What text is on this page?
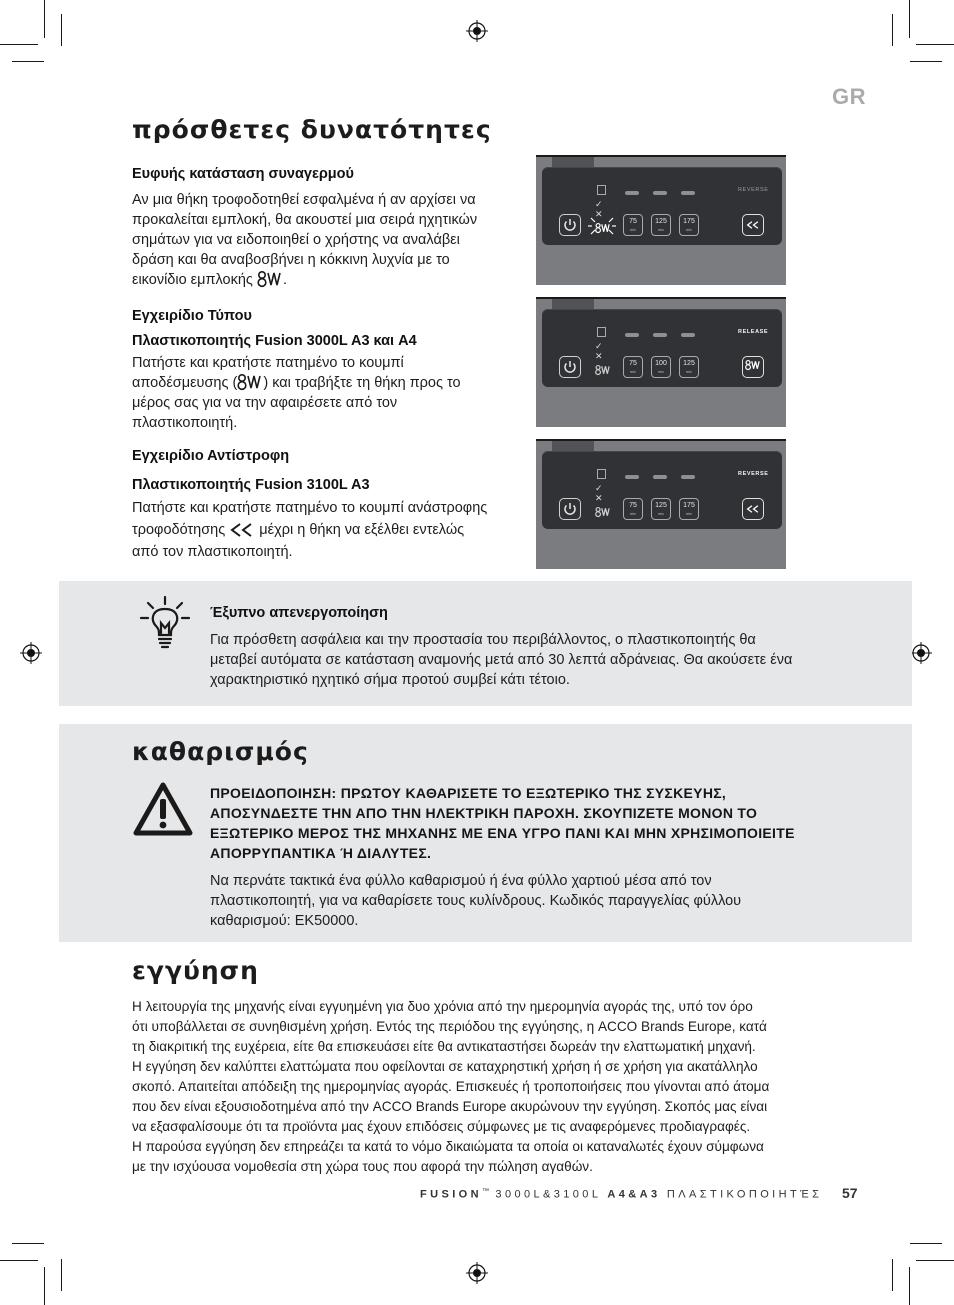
GR
πρόσθετες δυνατότητες
Ευφυής κατάσταση συναγερμού
Αν μια θήκη τροφοδοτηθεί εσφαλμένα ή αν αρχίσει να προκαλείται εμπλοκή, θα ακουστεί μια σειρά ηχητικών σημάτων για να ειδοποιηθεί ο χρήστης να αναλάβει δράση και θα αναβοσβήνει η κόκκινη λυχνία με το εικονίδιο εμπλοκής .
Εγχειρίδιο Τύπου
Πλαστικοποιητής Fusion 3000L A3 και A4
Πατήστε και κρατήστε πατημένο το κουμπί αποδέσμευσης ( ) και τραβήξτε τη θήκη προς το μέρος σας για να την αφαιρέσετε από τον πλαστικοποιητή.
Εγχειρίδιο Αντίστροφη
Πλαστικοποιητής Fusion 3100L A3
Πατήστε και κρατήστε πατημένο το κουμπί ανάστροφης τροφοδότησης μέχρι η θήκη να εξέλθει εντελώς από τον πλαστικοποιητή.
✓
✕
75
mic
125
mic
175
mic
REVERSE
✓
✕
75
mic
100
mic
125
mic
RELEASE
✓
✕
75
mic
125
mic
175
mic
REVERSE
Έξυπνο απενεργοποίηση
Για πρόσθετη ασφάλεια και την προστασία του περιβάλλοντος, ο πλαστικοποιητής θα μεταβεί αυτόματα σε κατάσταση αναμονής μετά από 30 λεπτά αδράνειας. Θα ακούσετε ένα χαρακτηριστικό ηχητικό σήμα προτού συμβεί κάτι τέτοιο.
καθαρισμός
ΠΡΟΕΙΔΟΠΟΙΗΣΗ: ΠΡΩΤΟΥ ΚΑΘΑΡΙΣΕΤΕ ΤΟ ΕΞΩΤΕΡΙΚΟ ΤΗΣ ΣΥΣΚΕΥΗΣ, ΑΠΟΣΥΝΔΕΣΤΕ ΤΗΝ ΑΠΟ ΤΗΝ ΗΛΕΚΤΡΙΚΗ ΠΑΡΟΧΗ. ΣΚΟΥΠΙΖΕΤΕ ΜΟΝΟΝ ΤΟ ΕΞΩΤΕΡΙΚΟ ΜΕΡΟΣ ΤΗΣ ΜΗΧΑΝΗΣ ΜΕ ΕΝΑ ΥΓΡΟ ΠΑΝΙ ΚΑΙ ΜΗΝ ΧΡΗΣΙΜΟΠΟΙΕΙΤΕ ΑΠΟΡΡΥΠΑΝΤΙΚΑ Ή ΔΙΑΛΥΤΕΣ.
Να περνάτε τακτικά ένα φύλλο καθαρισμού ή ένα φύλλο χαρτιού μέσα από τον πλαστικοποιητή, για να καθαρίσετε τους κυλίνδρους. Κωδικός παραγγελίας φύλλου καθαρισμού: EK50000.
εγγύηση
Η λειτουργία της μηχανής είναι εγγυημένη για δυο χρόνια από την ημερομηνία αγοράς της, υπό τον όρο
ότι υποβάλλεται σε συνηθισμένη χρήση. Εντός της περιόδου της εγγύησης, η ACCO Brands Europe, κατά
τη διακριτική της ευχέρεια, είτε θα επισκευάσει είτε θα αντικαταστήσει δωρεάν την ελαττωματική μηχανή.
Η εγγύηση δεν καλύπτει ελαττώματα που οφείλονται σε καταχρηστική χρήση ή σε χρήση για ακατάλληλο
σκοπό. Απαιτείται απόδειξη της ημερομηνίας αγοράς. Επισκευές ή τροποποιήσεις που γίνονται από άτομα
που δεν είναι εξουσιοδοτημένα από την ACCO Brands Europe ακυρώνουν την εγγύηση. Σκοπός μας είναι
να εξασφαλίσουμε ότι τα προϊόντα μας έχουν επιδόσεις σύμφωνες με τις αναφερόμενες προδιαγραφές.
Η παρούσα εγγύηση δεν επηρεάζει τα κατά το νόμο δικαιώματα τα οποία οι καταναλωτές έχουν σύμφωνα
με την ισχύουσα νομοθεσία στη χώρα τους που αφορά την πώληση αγαθών.
FUSION™ 3000L&3100L A4&A3 ΠΛΑΣΤΙΚΟΠΟΙΗΤΈΣ 57
